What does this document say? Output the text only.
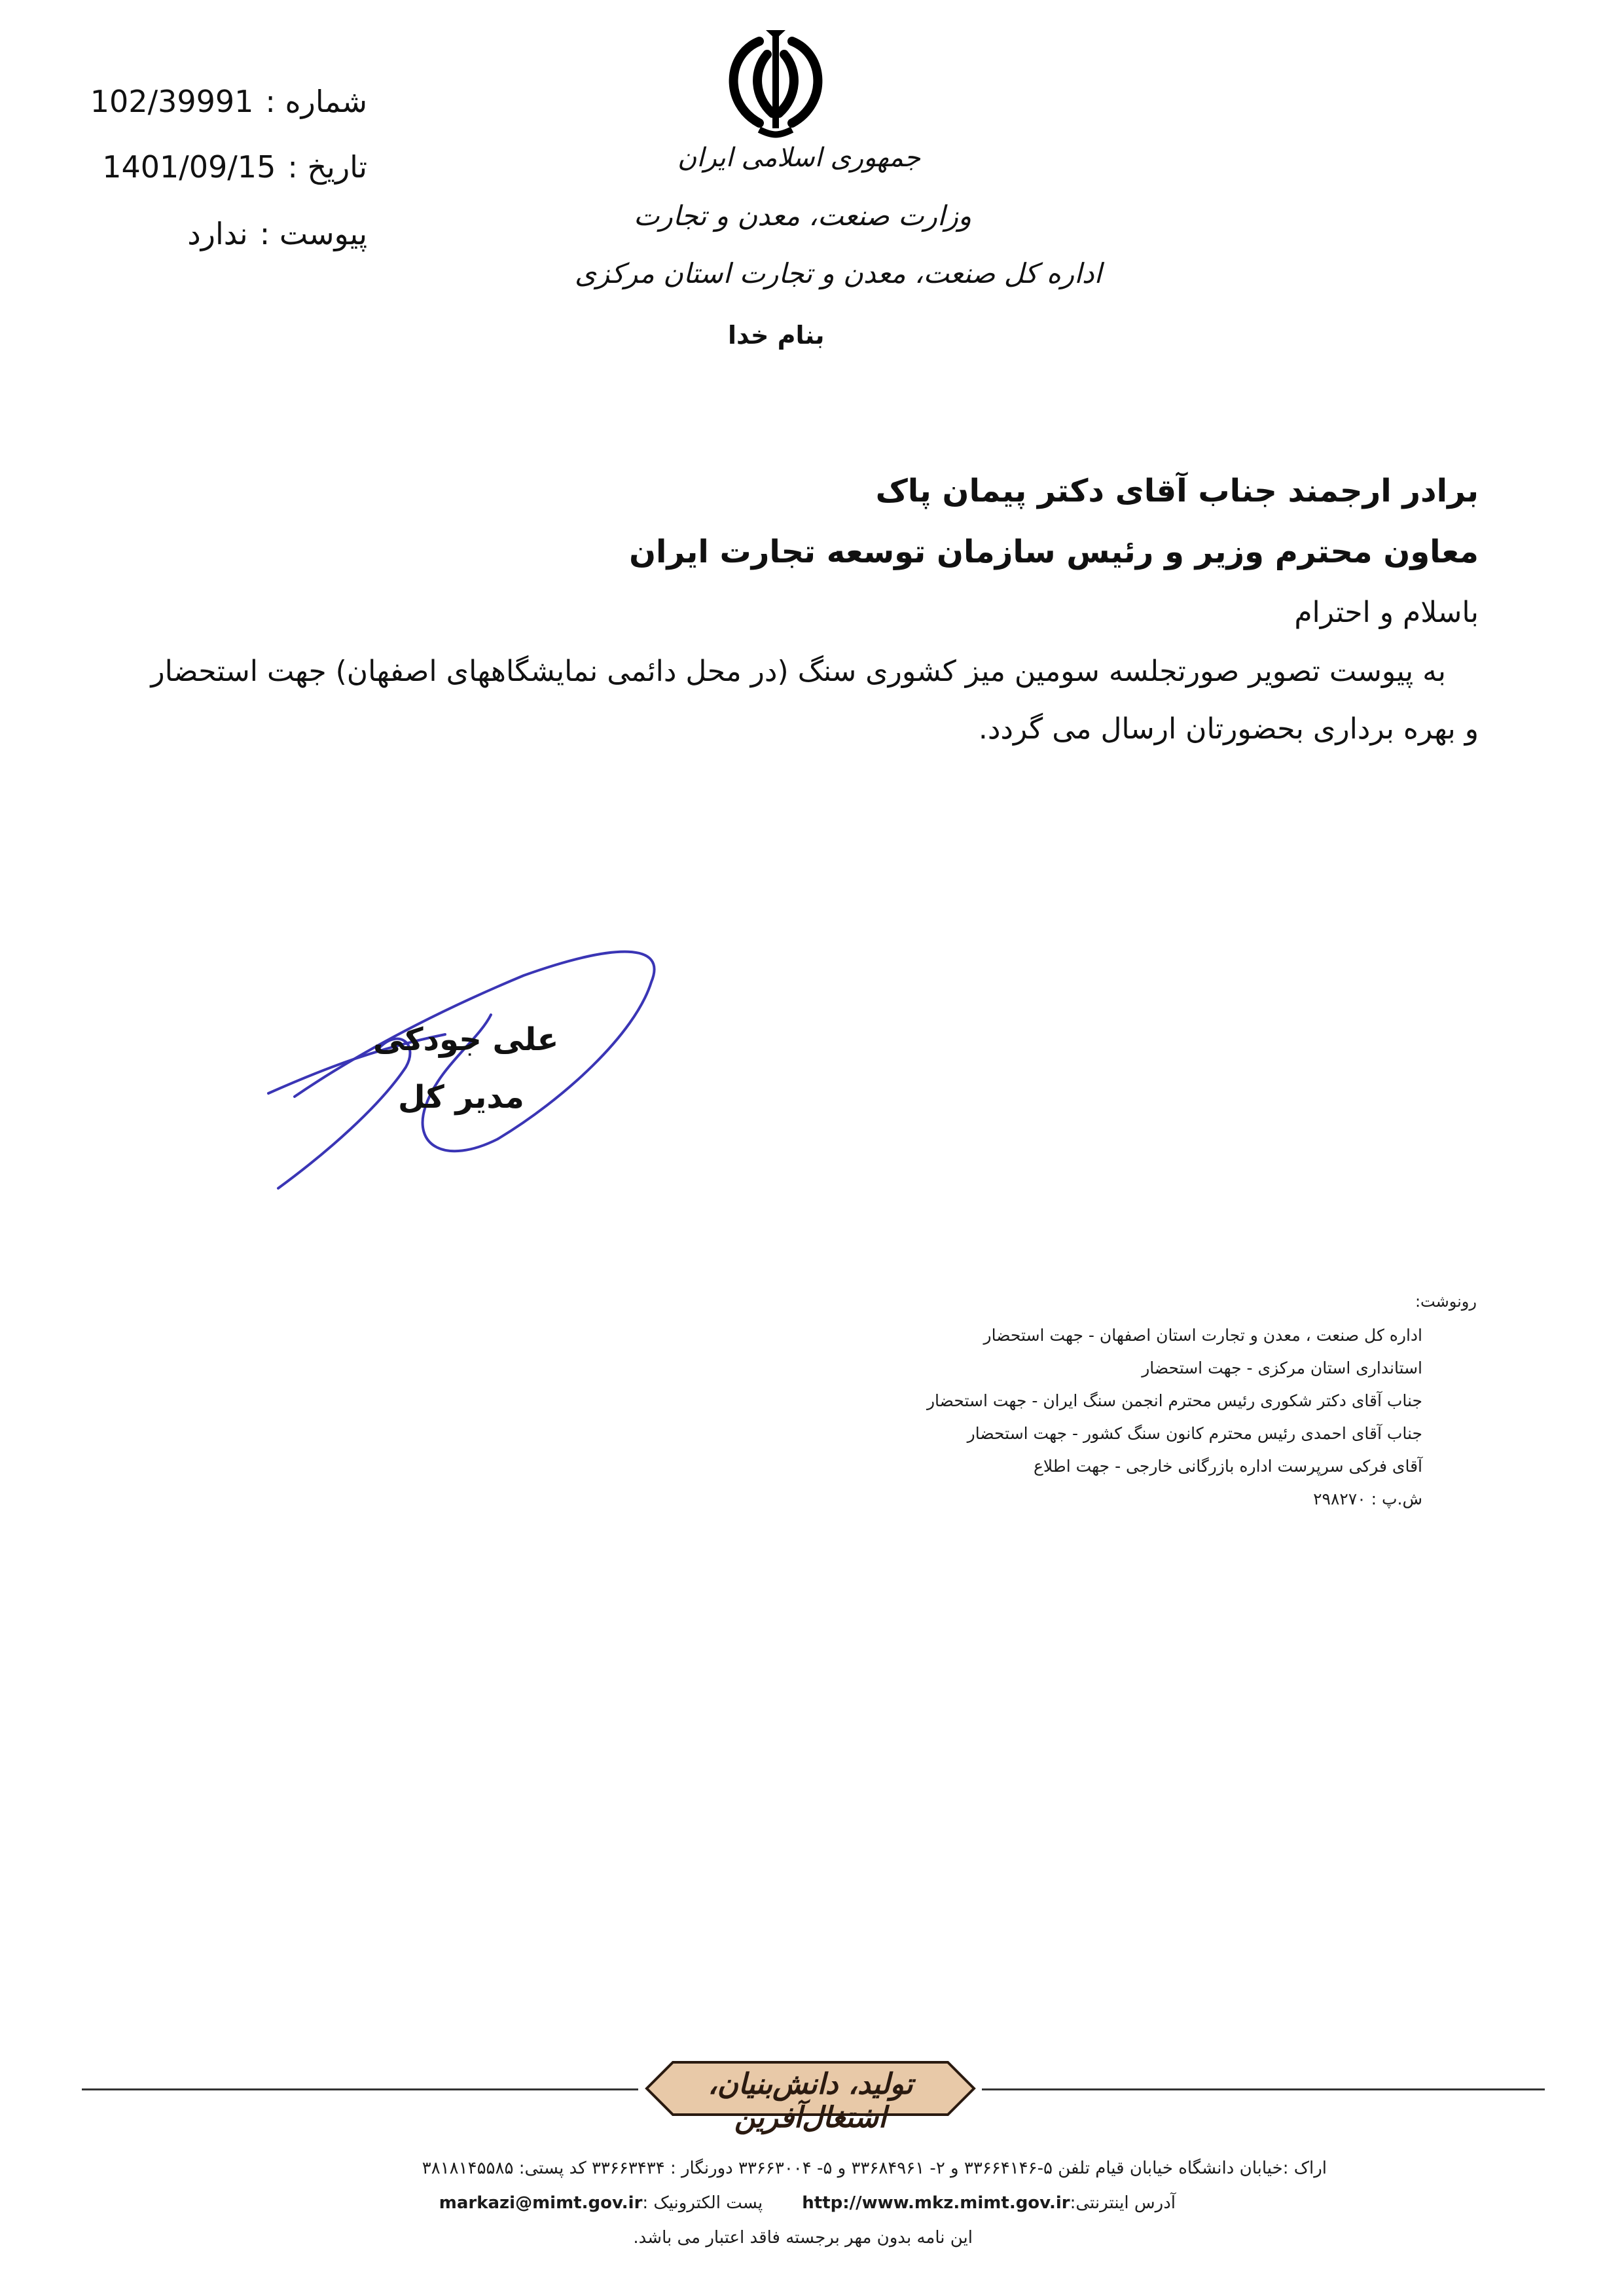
شماره :102/39991
تاریخ :1401/09/15
پیوست :ندارد
جمهوری اسلامی ایران
وزارت صنعت، معدن و تجارت
اداره کل صنعت، معدن و تجارت استان مرکزی
بنام خدا
برادر ارجمند جناب آقای دکتر پیمان پاک
معاون محترم وزیر و رئیس سازمان توسعه تجارت ایران
باسلام و احترام
به پیوست تصویر صورتجلسه سومین میز کشوری سنگ (در محل دائمی نمایشگاههای اصفهان) جهت استحضار
و بهره برداری بحضورتان ارسال می گردد.
علی جودکی
مدیر کل
رونوشت:
اداره کل صنعت ، معدن و تجارت استان اصفهان - جهت استحضار
استانداری استان مرکزی - جهت استحضار
جناب آقای دکتر شکوری رئیس محترم انجمن سنگ ایران - جهت استحضار
جناب آقای احمدی رئیس محترم کانون سنگ کشور - جهت استحضار
آقای فرکی سرپرست اداره بازرگانی خارجی - جهت اطلاع
ش.پ : ۲۹۸۲۷۰
تولید، دانش‌بنیان، اشتغال‌آفرین
اراک :خیابان دانشگاه خیابان قیام تلفن ۵-۳۳۶۶۴۱۴۶ و ۲- ۳۳۶۸۴۹۶۱ و ۵- ۳۳۶۶۳۰۰۴ دورنگار : ۳۳۶۶۳۴۳۴ کد پستی: ۳۸۱۸۱۴۵۵۸۵
آدرس اینترنتی:http://www.mkz.mimt.gov.irپست الکترونیک :markazi@mimt.gov.ir
این نامه بدون مهر برجسته فاقد اعتبار می باشد.
